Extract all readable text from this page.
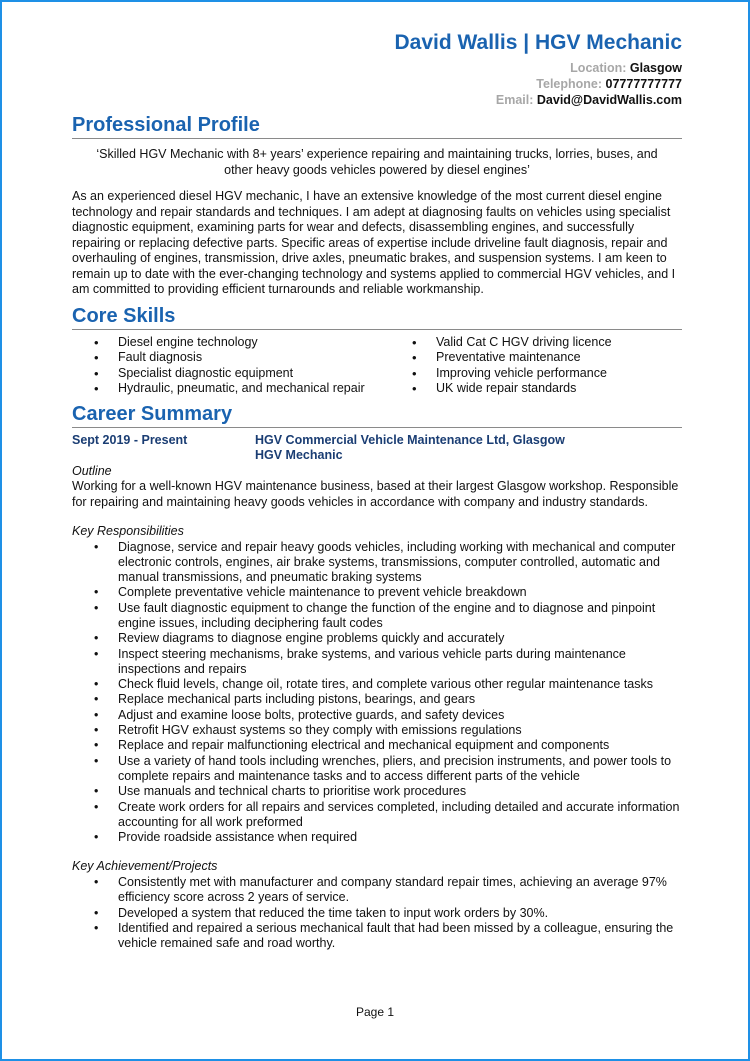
David Wallis | HGV Mechanic
Location: Glasgow
Telephone: 07777777777
Email: David@DavidWallis.com
Professional Profile

‘Skilled HGV Mechanic with 8+ years’ experience repairing and maintaining trucks, lorries, buses, and other heavy goods vehicles powered by diesel engines’

As an experienced diesel HGV mechanic, I have an extensive knowledge of the most current diesel engine technology and repair standards and techniques. I am adept at diagnosing faults on vehicles using specialist diagnostic equipment, examining parts for wear and defects, disassembling engines, and successfully repairing or replacing defective parts. Specific areas of expertise include driveline fault diagnosis, repair and overhauling of engines, transmission, drive axles, pneumatic brakes, and suspension systems. I am keen to remain up to date with the ever-changing technology and systems applied to commercial HGV vehicles, and I am committed to providing efficient turnarounds and reliable workmanship.

Core Skills
• Diesel engine technology
• Fault diagnosis
• Specialist diagnostic equipment
• Hydraulic, pneumatic, and mechanical repair
• Valid Cat C HGV driving licence
• Preventative maintenance
• Improving vehicle performance
• UK wide repair standards
Career Summary
Sept 2019 - Present	HGV Commercial Vehicle Maintenance Ltd, Glasgow
HGV Mechanic

Outline

Working for a well-known HGV maintenance business, based at their largest Glasgow workshop. Responsible for repairing and maintaining heavy goods vehicles in accordance with company and industry standards.

Key Responsibilities

• Diagnose, service and repair heavy goods vehicles, including working with mechanical and computer electronic controls, engines, air brake systems, transmissions, computer controlled, automatic and manual transmissions, and pneumatic braking systems
• Complete preventative vehicle maintenance to prevent vehicle breakdown
• Use fault diagnostic equipment to change the function of the engine and to diagnose and pinpoint engine issues, including deciphering fault codes
• Review diagrams to diagnose engine problems quickly and accurately
• Inspect steering mechanisms, brake systems, and various vehicle parts during maintenance inspections and repairs
• Check fluid levels, change oil, rotate tires, and complete various other regular maintenance tasks
• Replace mechanical parts including pistons, bearings, and gears
• Adjust and examine loose bolts, protective guards, and safety devices
• Retrofit HGV exhaust systems so they comply with emissions regulations
• Replace and repair malfunctioning electrical and mechanical equipment and components
• Use a variety of hand tools including wrenches, pliers, and precision instruments, and power tools to complete repairs and maintenance tasks and to access different parts of the vehicle
• Use manuals and technical charts to prioritise work procedures
• Create work orders for all repairs and services completed, including detailed and accurate information accounting for all work preformed
• Provide roadside assistance when required

Key Achievement/Projects

• Consistently met with manufacturer and company standard repair times, achieving an average 97% efficiency score across 2 years of service.
• Developed a system that reduced the time taken to input work orders by 30%.
• Identified and repaired a serious mechanical fault that had been missed by a colleague, ensuring the vehicle remained safe and road worthy.
Page 1
